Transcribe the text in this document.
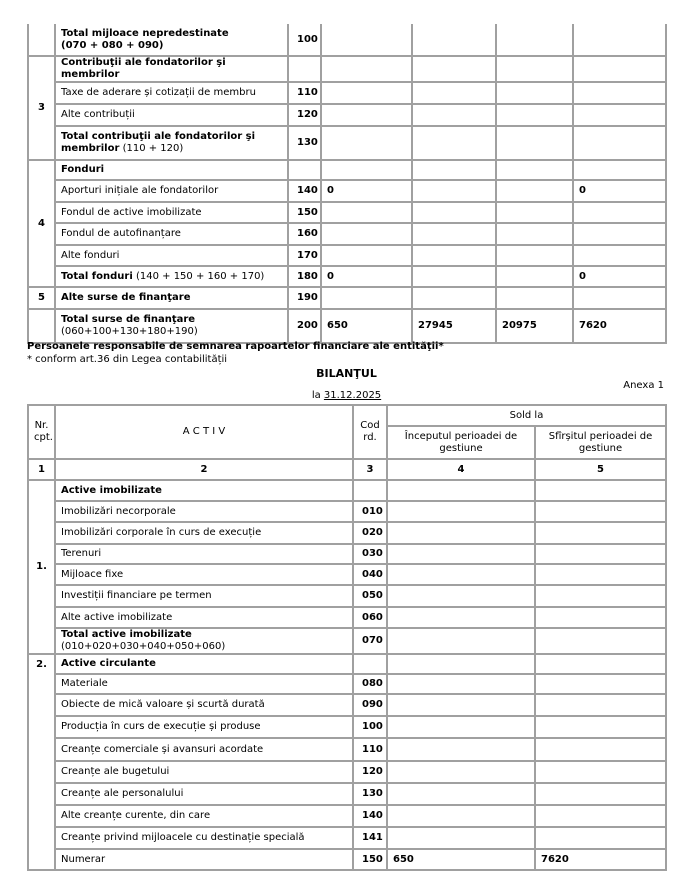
	Total mijloace nepredestinate
(070 + 080 + 090)	100				
3	Contribuţii ale fondatorilor şi membrilor					
	Taxe de aderare și cotizații de membru	110				
	Alte contribuții	120				
	Total contribuţii ale fondatorilor şi membrilor (110 + 120)	130				
4	Fonduri					
	Aporturi inițiale ale fondatorilor	140	0			0
	Fondul de active imobilizate	150				
	Fondul de autofinanțare	160				
	Alte fonduri	170				
	Total fonduri (140 + 150 + 160 + 170)	180	0			0
5	Alte surse de finanţare	190				
	Total surse de finanţare
(060+100+130+180+190)	200	650	27945	20975	7620
Persoanele responsabile de semnarea rapoartelor financiare ale entităţii*
* conform art.36 din Legea contabilității
BILANŢUL
Anexa 1
la 31.12.2025
Nr. cpt.	A C T I V	Cod rd.	Sold la	
			Începutul perioadei de gestiune	Sfîrșitul perioadei de gestiune
1	2	3	4	5
1.	Active imobilizate			
	Imobilizări necorporale	010		
	Imobilizări corporale în curs de execuție	020		
	Terenuri	030		
	Mijloace fixe	040		
	Investiții financiare pe termen	050		
	Alte active imobilizate	060		
	Total active imobilizate (010+020+030+040+050+060)	070		
2.	Active circulante			
	Materiale	080		
	Obiecte de mică valoare și scurtă durată	090		
	Producția în curs de execuție și produse	100		
	Creanțe comerciale și avansuri acordate	110		
	Creanțe ale bugetului	120		
	Creanțe ale personalului	130		
	Alte creanțe curente, din care	140		
	Creanțe privind mijloacele cu destinație specială	141		
	Numerar	150	650	7620
